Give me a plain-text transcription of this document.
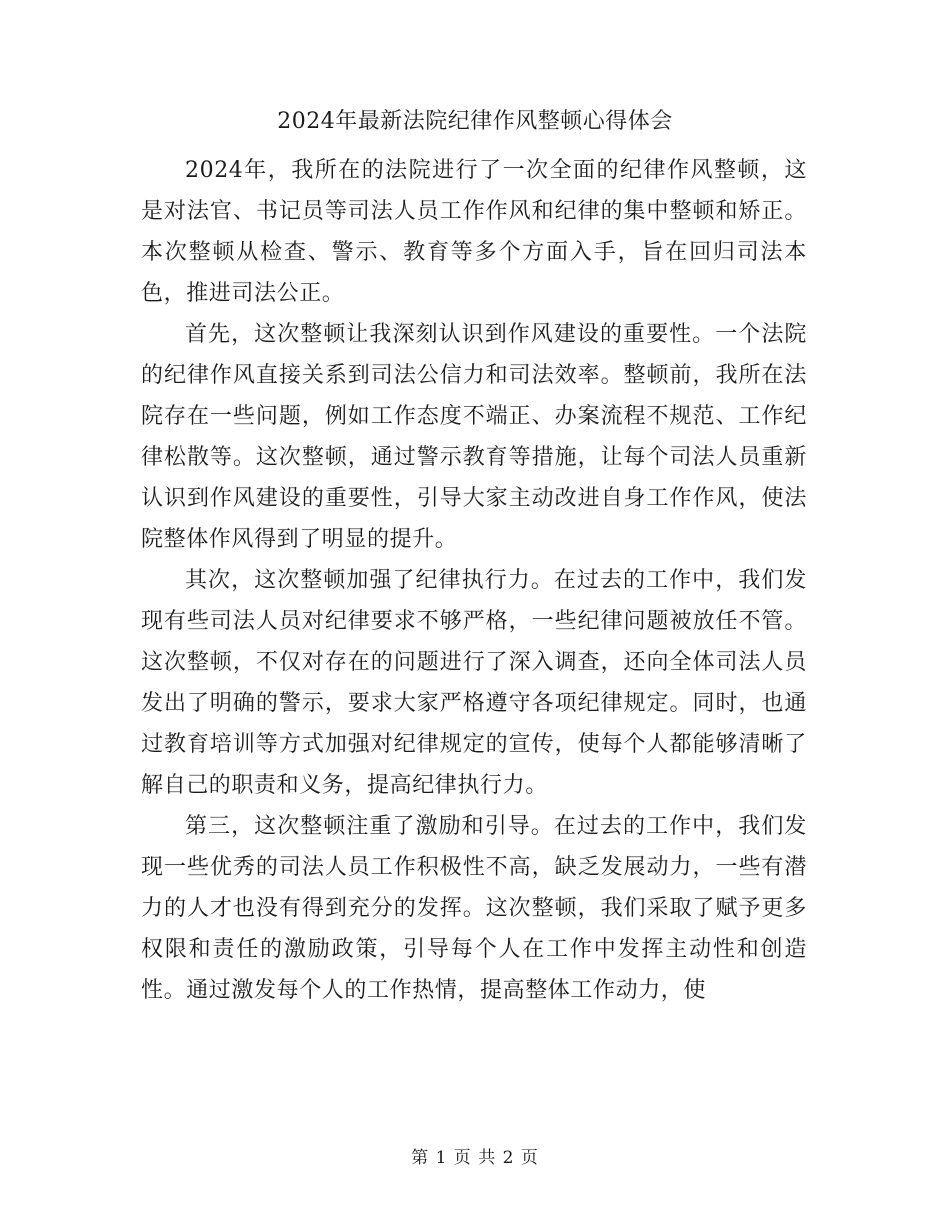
2024年最新法院纪律作风整顿心得体会

2024年，我所在的法院进行了一次全面的纪律作风整顿，这是对法官、书记员等司法人员工作作风和纪律的集中整顿和矫正。本次整顿从检查、警示、教育等多个方面入手，旨在回归司法本色，推进司法公正。

首先，这次整顿让我深刻认识到作风建设的重要性。一个法院的纪律作风直接关系到司法公信力和司法效率。整顿前，我所在法院存在一些问题，例如工作态度不端正、办案流程不规范、工作纪律松散等。这次整顿，通过警示教育等措施，让每个司法人员重新认识到作风建设的重要性，引导大家主动改进自身工作作风，使法院整体作风得到了明显的提升。

其次，这次整顿加强了纪律执行力。在过去的工作中，我们发现有些司法人员对纪律要求不够严格，一些纪律问题被放任不管。这次整顿，不仅对存在的问题进行了深入调查，还向全体司法人员发出了明确的警示，要求大家严格遵守各项纪律规定。同时，也通过教育培训等方式加强对纪律规定的宣传，使每个人都能够清晰了解自己的职责和义务，提高纪律执行力。

第三，这次整顿注重了激励和引导。在过去的工作中，我们发现一些优秀的司法人员工作积极性不高，缺乏发展动力，一些有潜力的人才也没有得到充分的发挥。这次整顿，我们采取了赋予更多权限和责任的激励政策，引导每个人在工作中发挥主动性和创造性。通过激发每个人的工作热情，提高整体工作动力，使

第 1 页 共 2 页
